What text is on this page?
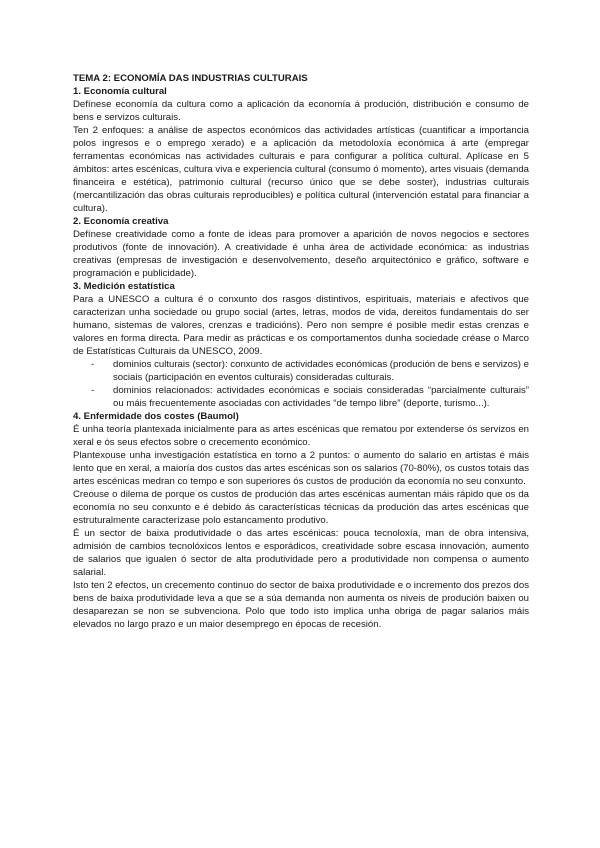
TEMA 2: ECONOMÍA DAS INDUSTRIAS CULTURAIS
1. Economía cultural

Defínese economía da cultura como a aplicación da economía á produción, distribución e consumo de bens e servizos culturais.

Ten 2 enfoques: a análise de aspectos económicos das actividades artísticas (cuantificar a importancia polos ingresos e o emprego xerado) e a aplicación da metodoloxía económica á arte (empregar ferramentas económicas nas actividades culturais e para configurar a política cultural. Aplícase en 5 ámbitos: artes escénicas, cultura viva e experiencia cultural (consumo ó momento), artes visuais (demanda financeira e estética), patrimonio cultural (recurso único que se debe soster), industrias culturais (mercantilización das obras culturais reproducibles) e política cultural (intervención estatal para financiar a cultura).

2. Economía creativa

Defínese creatividade como a fonte de ideas para promover a aparición de novos negocios e sectores produtivos (fonte de innovación). A creatividade é unha área de actividade económica: as industrias creativas (empresas de investigación e desenvolvemento, deseño arquitectónico e gráfico, software e programación e publicidade).

3. Medición estatística

Para a UNESCO a cultura é o conxunto dos rasgos distintivos, espirituais, materiais e afectivos que caracterizan unha sociedade ou grupo social (artes, letras, modos de vida, dereitos fundamentais do ser humano, sistemas de valores, crenzas e tradicións). Pero non sempre é posible medir estas crenzas e valores en forma directa. Para medir as prácticas e os comportamentos dunha sociedade créase o Marco de Estatísticas Culturais da UNESCO, 2009.

- dominios culturais (sector): conxunto de actividades económicas (produción de bens e servizos) e sociais (participación en eventos culturais) consideradas culturais.
- dominios relacionados: actividades económicas e sociais consideradas “parcialmente culturais” ou máis frecuentemente asociadas con actividades “de tempo libre” (deporte, turismo...).
4. Enfermidade dos costes (Baumol)

É unha teoría plantexada inicialmente para as artes escénicas que rematou por extenderse ós servizos en xeral e ós seus efectos sobre o crecemento económico.

Plantexouse unha investigación estatística en torno a 2 puntos: o aumento do salario en artistas é máis lento que en xeral, a maioría dos custos das artes escénicas son os salarios (70-80%), os custos totais das artes escénicas medran co tempo e son superiores ós custos de produción da economía no seu conxunto.

Creouse o dilema de porque os custos de produción das artes escénicas aumentan máis rápido que os da economía no seu conxunto e é debido ás características técnicas da produción das artes escénicas que estruturalmente caracterízase polo estancamento produtivo.

É un sector de baixa produtividade o das artes escénicas: pouca tecnoloxía, man de obra intensiva, admisión de cambios tecnolóxicos lentos e esporádicos, creatividade sobre escasa innovación, aumento de salarios que igualen ó sector de alta produtividade pero a produtividade non compensa o aumento salarial.

Isto ten 2 efectos, un crecemento continuo do sector de baixa produtividade e o incremento dos prezos dos bens de baixa produtividade leva a que se a súa demanda non aumenta os niveis de produción baixen ou desaparezan se non se subvenciona. Polo que todo isto implica unha obriga de pagar salarios máis elevados no largo prazo e un maior desemprego en épocas de recesión.
